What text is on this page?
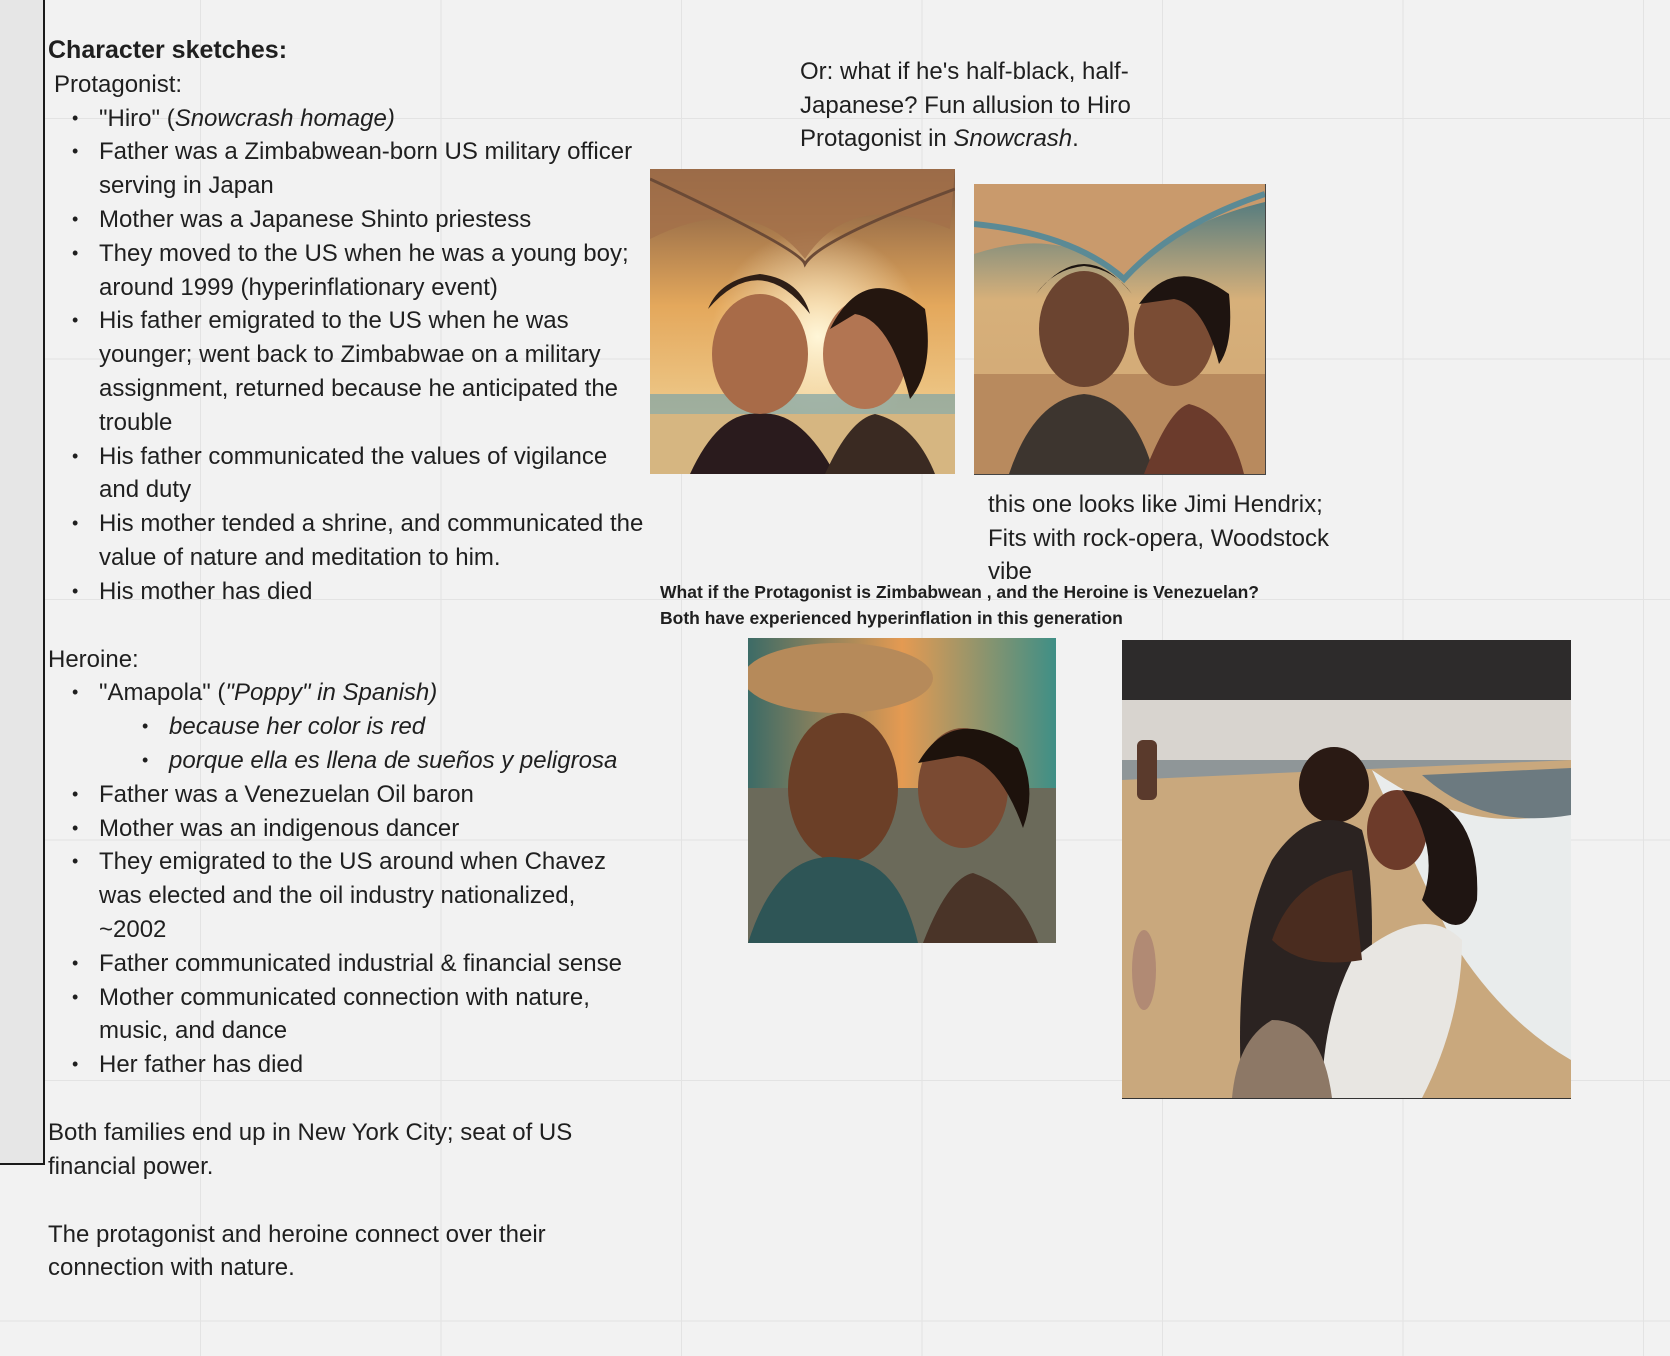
Character sketches:
Protagonist:
• "Hiro" (Snowcrash homage)
• Father was a Zimbabwean-born US military officer serving in Japan
• Mother was a Japanese Shinto priestess
• They moved to the US when he was a young boy; around 1999 (hyperinflationary event)
• His father emigrated to the US when he was younger; went back to Zimbabwae on a military assignment, returned because he anticipated the trouble
• His father communicated the values of vigilance and duty
• His mother tended a shrine, and communicated the value of nature and meditation to him.
• His mother has died
Heroine:
• "Amapola" ("Poppy" in Spanish)
• because her color is red
• porque ella es llena de sueños y peligrosa
• Father was a Venezuelan Oil baron
• Mother was an indigenous dancer
• They emigrated to the US around when Chavez was elected and the oil industry nationalized, ~2002
• Father communicated industrial & financial sense
• Mother communicated connection with nature, music, and dance
• Her father has died

Both families end up in New York City; seat of US financial power.

The protagonist and heroine connect over their connection with nature.

Or: what if he's half-black, half-Japanese? Fun allusion to Hiro Protagonist in Snowcrash.
this one looks like Jimi Hendrix; Fits with rock-opera, Woodstock vibe
What if the Protagonist is Zimbabwean , and the Heroine is Venezuelan?
Both have experienced hyperinflation in this generation
